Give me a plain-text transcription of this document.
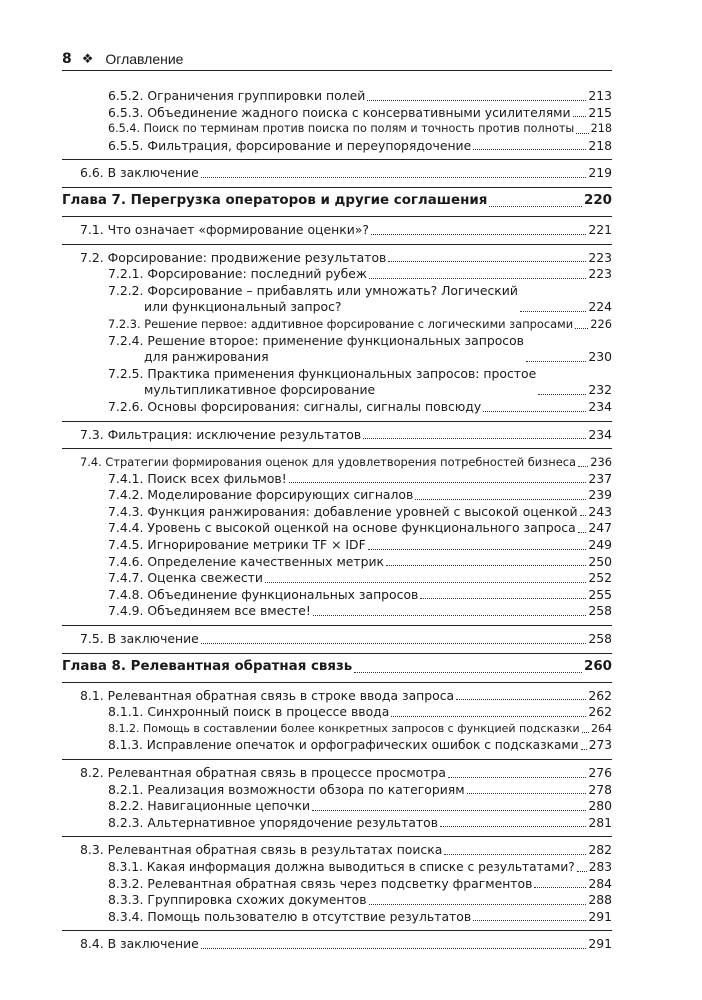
8 ❖ Оглавление
6.5.2. Ограничения группировки полей	213
6.5.3. Объединение жадного поиска с консервативными усилителями 215
6.5.4. Поиск по терминам против поиска по полям и точность против полноты 218
6.5.5. Фильтрация, форсирование и переупорядочение	218
6.6. В заключение	219
Глава 7. Перегрузка операторов и другие соглашения	220
7.1. Что означает «формирование оценки»?	221
7.2. Форсирование: продвижение результатов	223
7.2.1. Форсирование: последний рубеж	223
7.2.2. Форсирование – прибавлять или умножать? Логический
или функциональный запрос?	224
7.2.3. Решение первое: аддитивное форсирование с логическими запросами 226
7.2.4. Решение второе: применение функциональных запросов
для ранжирования	230
7.2.5. Практика применения функциональных запросов: простое
мультипликативное форсирование	232
7.2.6. Основы форсирования: сигналы, сигналы повсюду	234
7.3. Фильтрация: исключение результатов	234
7.4. Стратегии формирования оценок для удовлетворения потребностей бизнеса 236
7.4.1. Поиск всех фильмов!	237
7.4.2. Моделирование форсирующих сигналов	239
7.4.3. Функция ранжирования: добавление уровней с высокой оценкой 243
7.4.4. Уровень с высокой оценкой на основе функционального запроса 247
7.4.5. Игнорирование метрики TF × IDF	249
7.4.6. Определение качественных метрик	250
7.4.7. Оценка свежести	252
7.4.8. Объединение функциональных запросов	255
7.4.9. Объединяем все вместе!	258
7.5. В заключение	258
Глава 8. Релевантная обратная связь	260
8.1. Релевантная обратная связь в строке ввода запроса	262
8.1.1. Синхронный поиск в процессе ввода	262
8.1.2. Помощь в составлении более конкретных запросов с функцией подсказки 264
8.1.3. Исправление опечаток и орфографических ошибок с подсказками 273
8.2. Релевантная обратная связь в процессе просмотра	276
8.2.1. Реализация возможности обзора по категориям	278
8.2.2. Навигационные цепочки	280
8.2.3. Альтернативное упорядочение результатов	281
8.3. Релевантная обратная связь в результатах поиска	282
8.3.1. Какая информация должна выводиться в списке с результатами? 283
8.3.2. Релевантная обратная связь через подсветку фрагментов	284
8.3.3. Группировка схожих документов	288
8.3.4. Помощь пользователю в отсутствие результатов	291
8.4. В заключение	291
